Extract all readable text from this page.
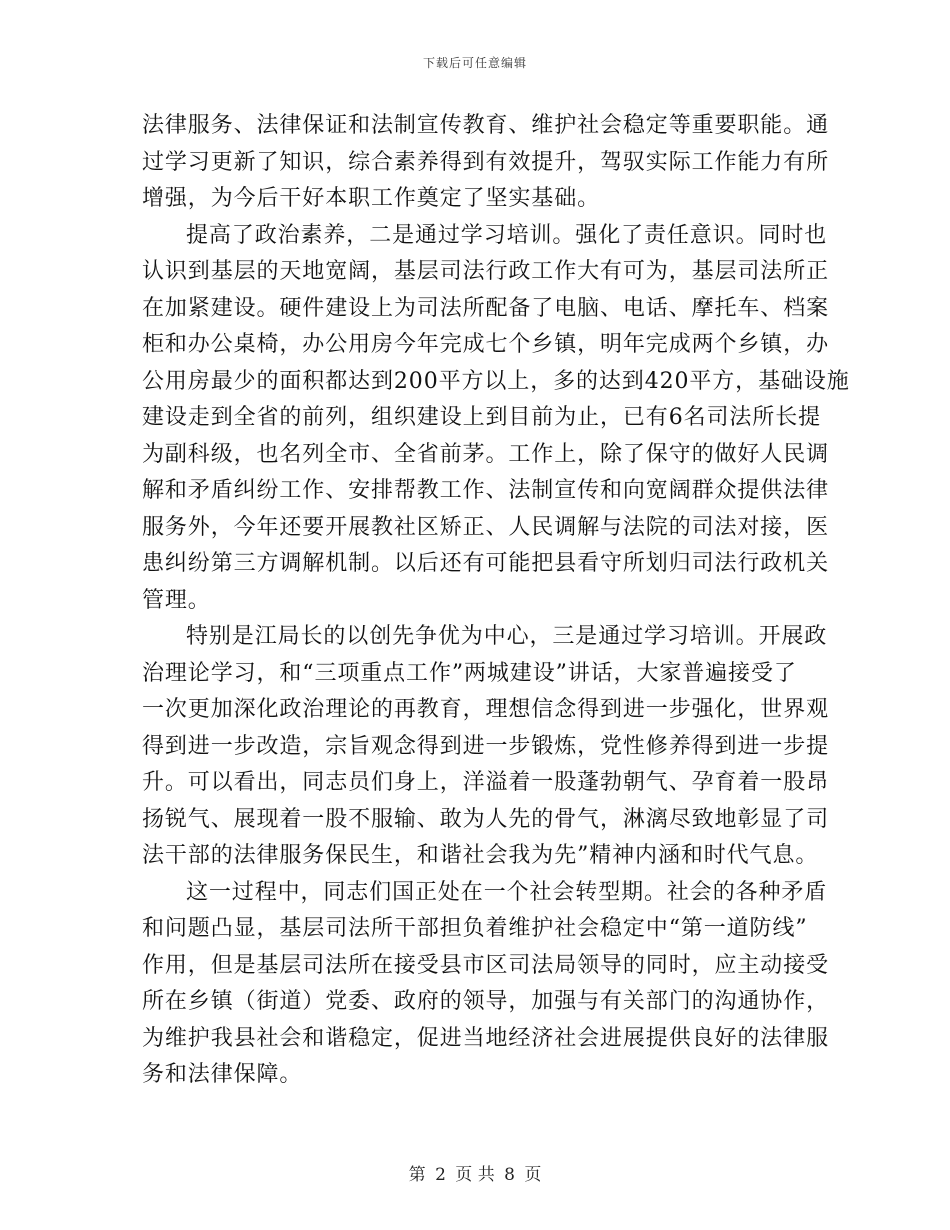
下载后可任意编辑
法律服务、法律保证和法制宣传教育、维护社会稳定等重要职能。通
过学习更新了知识，综合素养得到有效提升，驾驭实际工作能力有所
增强，为今后干好本职工作奠定了坚实基础。
提高了政治素养，二是通过学习培训。强化了责任意识。同时也
认识到基层的天地宽阔，基层司法行政工作大有可为，基层司法所正
在加紧建设。硬件建设上为司法所配备了电脑、电话、摩托车、档案
柜和办公桌椅，办公用房今年完成七个乡镇，明年完成两个乡镇，办
公用房最少的面积都达到200平方以上，多的达到420平方，基础设施
建设走到全省的前列，组织建设上到目前为止，已有6名司法所长提
为副科级，也名列全市、全省前茅。工作上，除了保守的做好人民调
解和矛盾纠纷工作、安排帮教工作、法制宣传和向宽阔群众提供法律
服务外，今年还要开展教社区矫正、人民调解与法院的司法对接，医
患纠纷第三方调解机制。以后还有可能把县看守所划归司法行政机关
管理。
特别是江局长的以创先争优为中心，三是通过学习培训。开展政
治理论学习，和“三项重点工作”两城建设”讲话，大家普遍接受了
一次更加深化政治理论的再教育，理想信念得到进一步强化，世界观
得到进一步改造，宗旨观念得到进一步锻炼，党性修养得到进一步提
升。可以看出，同志员们身上，洋溢着一股蓬勃朝气、孕育着一股昂
扬锐气、展现着一股不服输、敢为人先的骨气，淋漓尽致地彰显了司
法干部的法律服务保民生，和谐社会我为先”精神内涵和时代气息。
这一过程中，同志们国正处在一个社会转型期。社会的各种矛盾
和问题凸显，基层司法所干部担负着维护社会稳定中“第一道防线”
作用，但是基层司法所在接受县市区司法局领导的同时，应主动接受
所在乡镇（街道）党委、政府的领导，加强与有关部门的沟通协作，
为维护我县社会和谐稳定，促进当地经济社会进展提供良好的法律服
务和法律保障。
第 2 页 共 8 页
